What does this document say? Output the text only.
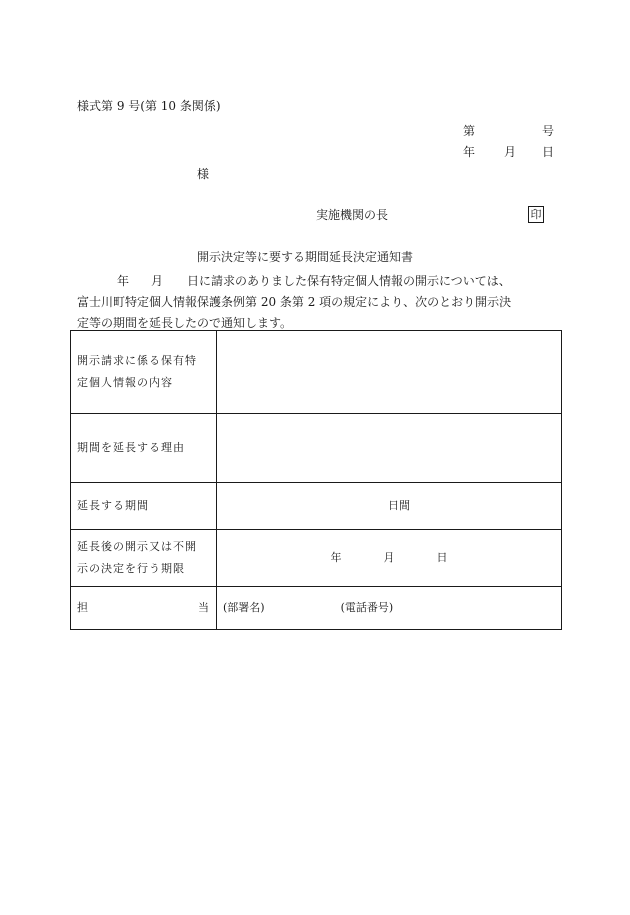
様式第 9 号(第 10 条関係)
第	号
年 月 日
様
実施機関の長	印
開示決定等に要する期間延長決定通知書
年 月 日に請求のありました保有特定個人情報の開示については、
富士川町特定個人情報保護条例第 20 条第 2 項の規定により、次のとおり開示決
定等の期間を延長したので通知します。
開示請求に係る保有特
定個人情報の内容	

期間を延長する理由	
延長する期間	日間

延長後の開示又は不開
示の決定を行う期限	年 月 日

担 当	(部署名) (電話番号)
